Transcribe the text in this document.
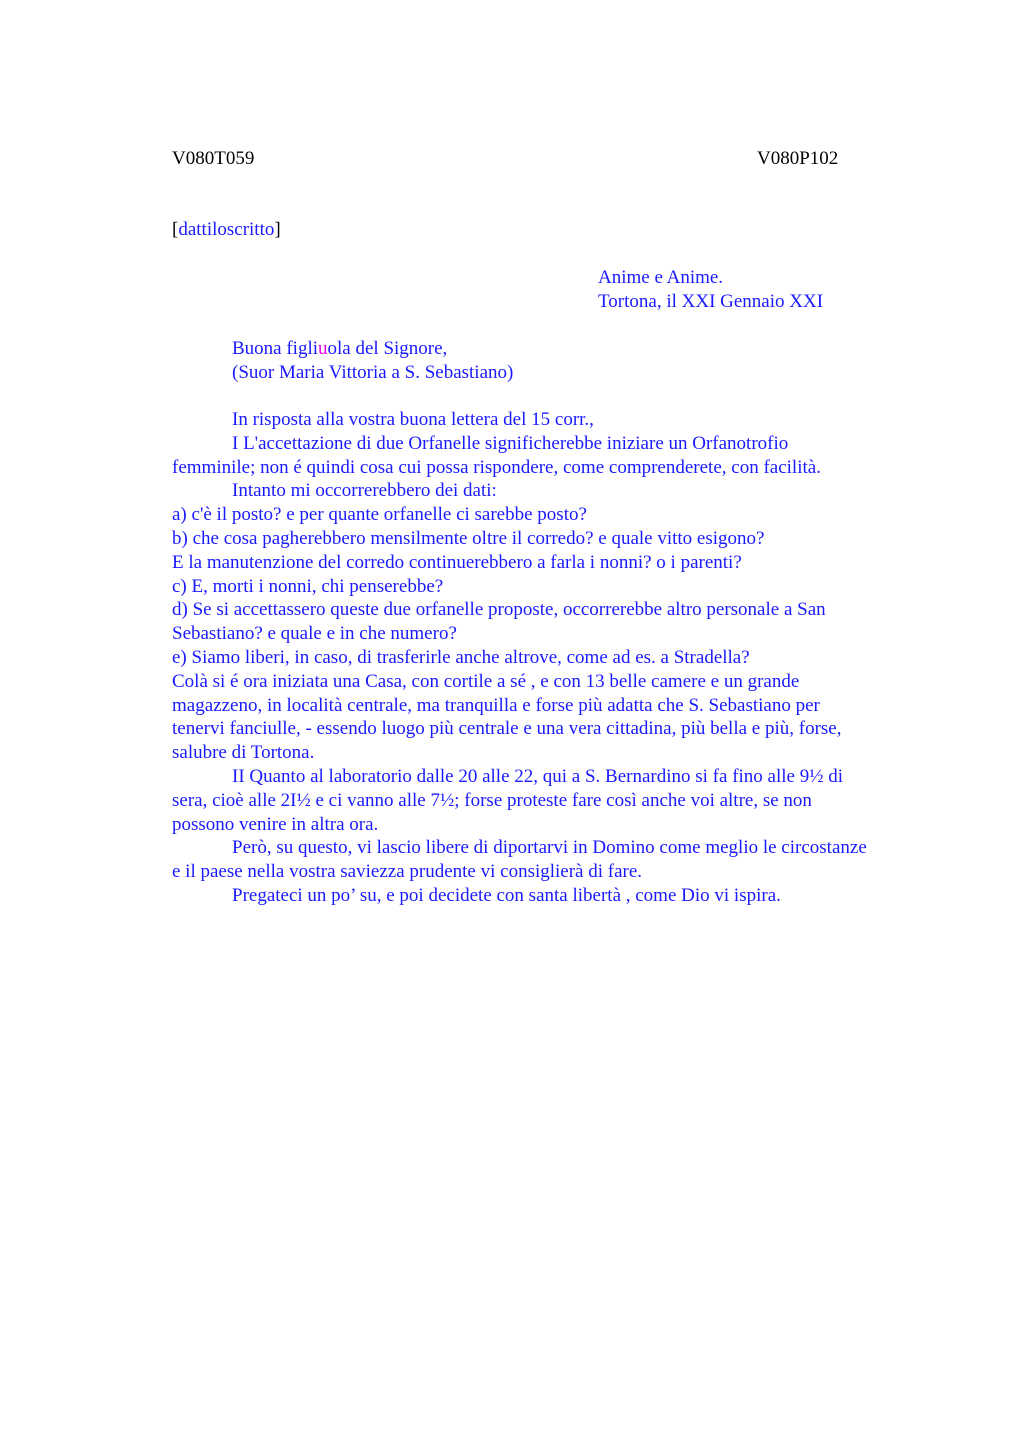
V080T059	V080P102
[dattiloscritto]
Anime e Anime.
Tortona, il XXI Gennaio XXI
Buona figliuola del Signore,
(Suor Maria Vittoria a S. Sebastiano)
In risposta alla vostra buona lettera del 15 corr.,
I L'accettazione di due Orfanelle significherebbe iniziare un Orfanotrofio
femminile; non é quindi cosa cui possa rispondere, come comprenderete, con facilità.
Intanto mi occorrerebbero dei dati:
a) c'è il posto? e per quante orfanelle ci sarebbe posto?
b) che cosa pagherebbero mensilmente oltre il corredo? e quale vitto esigono?
E la manutenzione del corredo continuerebbero a farla i nonni? o i parenti?
c) E, morti i nonni, chi penserebbe?
d) Se si accettassero queste due orfanelle proposte, occorrerebbe altro personale a San
Sebastiano? e quale e in che numero?
e) Siamo liberi, in caso, di trasferirle anche altrove, come ad es. a Stradella?
Colà si é ora iniziata una Casa, con cortile a sé , e con 13 belle camere e un grande
magazzeno, in località centrale, ma tranquilla e forse più adatta che S. Sebastiano per
tenervi fanciulle, - essendo luogo più centrale e una vera cittadina, più bella e più, forse,
salubre di Tortona.
II Quanto al laboratorio dalle 20 alle 22, qui a S. Bernardino si fa fino alle 9½ di
sera, cioè alle 2I½ e ci vanno alle 7½; forse proteste fare così anche voi altre, se non
possono venire in altra ora.
Però, su questo, vi lascio libere di diportarvi in Domino come meglio le circostanze
e il paese nella vostra saviezza prudente vi consiglierà di fare.
Pregateci un po’ su, e poi decidete con santa libertà , come Dio vi ispira.
